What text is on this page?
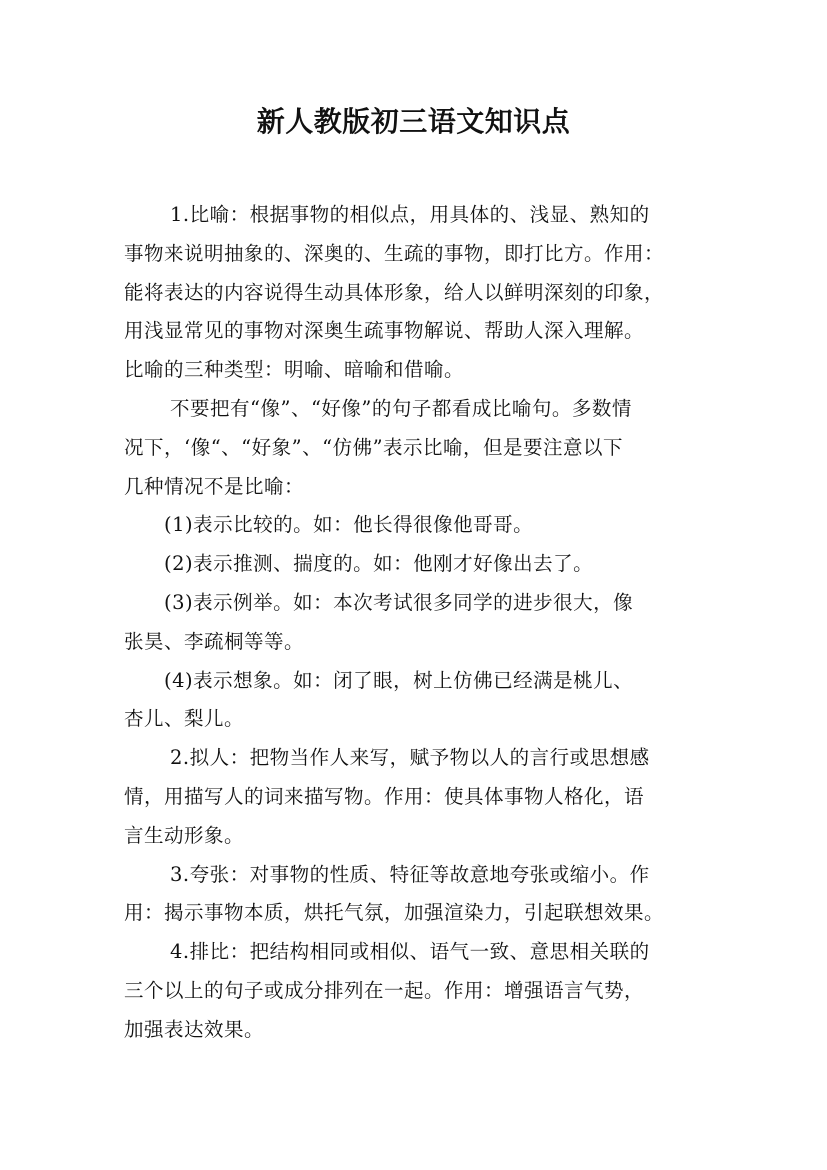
新人教版初三语文知识点
1.比喻：根据事物的相似点，用具体的、浅显、熟知的
事物来说明抽象的、深奥的、生疏的事物，即打比方。作用：
能将表达的内容说得生动具体形象，给人以鲜明深刻的印象，
用浅显常见的事物对深奥生疏事物解说、帮助人深入理解。
比喻的三种类型：明喻、暗喻和借喻。
不要把有“像”、“好像”的句子都看成比喻句。多数情
况下，‘像“、“好象”、“仿佛”表示比喻，但是要注意以下
几种情况不是比喻：
(1)表示比较的。如：他长得很像他哥哥。
(2)表示推测、揣度的。如：他刚才好像出去了。
(3)表示例举。如：本次考试很多同学的进步很大，像
张昊、李疏桐等等。
(4)表示想象。如：闭了眼，树上仿佛已经满是桃儿、
杏儿、梨儿。
2.拟人：把物当作人来写，赋予物以人的言行或思想感
情，用描写人的词来描写物。作用：使具体事物人格化，语
言生动形象。
3.夸张：对事物的性质、特征等故意地夸张或缩小。作
用：揭示事物本质，烘托气氛，加强渲染力，引起联想效果。
4.排比：把结构相同或相似、语气一致、意思相关联的
三个以上的句子或成分排列在一起。作用：增强语言气势，
加强表达效果。
